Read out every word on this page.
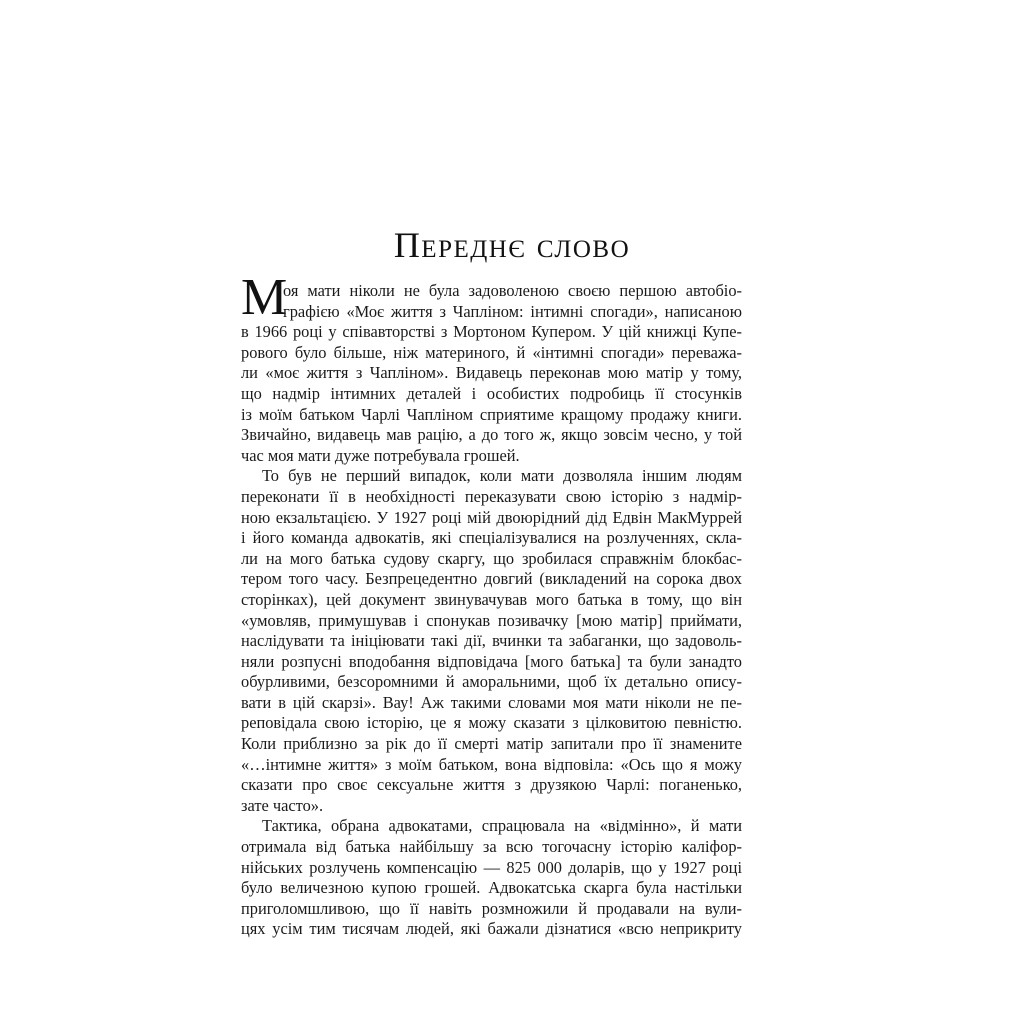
Переднє слово
М
оя мати ніколи не була задоволеною своєю першою автобіо-
графією «Моє життя з Чапліном: інтимні спогади», написаною
в 1966 році у співавторстві з Мортоном Купером. У цій книжці Купе-
рового було більше, ніж материного, й «інтимні спогади» переважа-
ли «моє життя з Чапліном». Видавець переконав мою матір у тому,
що надмір інтимних деталей і особистих подробиць її стосунків
із моїм батьком Чарлі Чапліном сприятиме кращому продажу книги.
Звичайно, видавець мав рацію, а до того ж, якщо зовсім чесно, у той
час моя мати дуже потребувала грошей.
То був не перший випадок, коли мати дозволяла іншим людям
переконати її в необхідності переказувати свою історію з надмір-
ною екзальтацією. У 1927 році мій двоюрідний дід Едвін МакМуррей
і його команда адвокатів, які спеціалізувалися на розлученнях, скла-
ли на мого батька судову скаргу, що зробилася справжнім блокбас-
тером того часу. Безпрецедентно довгий (викладений на сорока двох
сторінках), цей документ звинувачував мого батька в тому, що він
«умовляв, примушував і спонукав позивачку [мою матір] приймати,
наслідувати та ініціювати такі дії, вчинки та забаганки, що задоволь-
няли розпусні вподобання відповідача [мого батька] та були занадто
обурливими, безсоромними й аморальними, щоб їх детально опису-
вати в цій скарзі». Вау! Аж такими словами моя мати ніколи не пе-
реповідала свою історію, це я можу сказати з цілковитою певністю.
Коли приблизно за рік до її смерті матір запитали про її знамените
«…інтимне життя» з моїм батьком, вона відповіла: «Ось що я можу
сказати про своє сексуальне життя з друзякою Чарлі: поганенько,
зате часто».
Тактика, обрана адвокатами, спрацювала на «відмінно», й мати
отримала від батька найбільшу за всю тогочасну історію каліфор-
нійських розлучень компенсацію — 825 000 доларів, що у 1927 році
було величезною купою грошей. Адвокатська скарга була настільки
приголомшливою, що її навіть розмножили й продавали на вули-
цях усім тим тисячам людей, які бажали дізнатися «всю неприкриту
